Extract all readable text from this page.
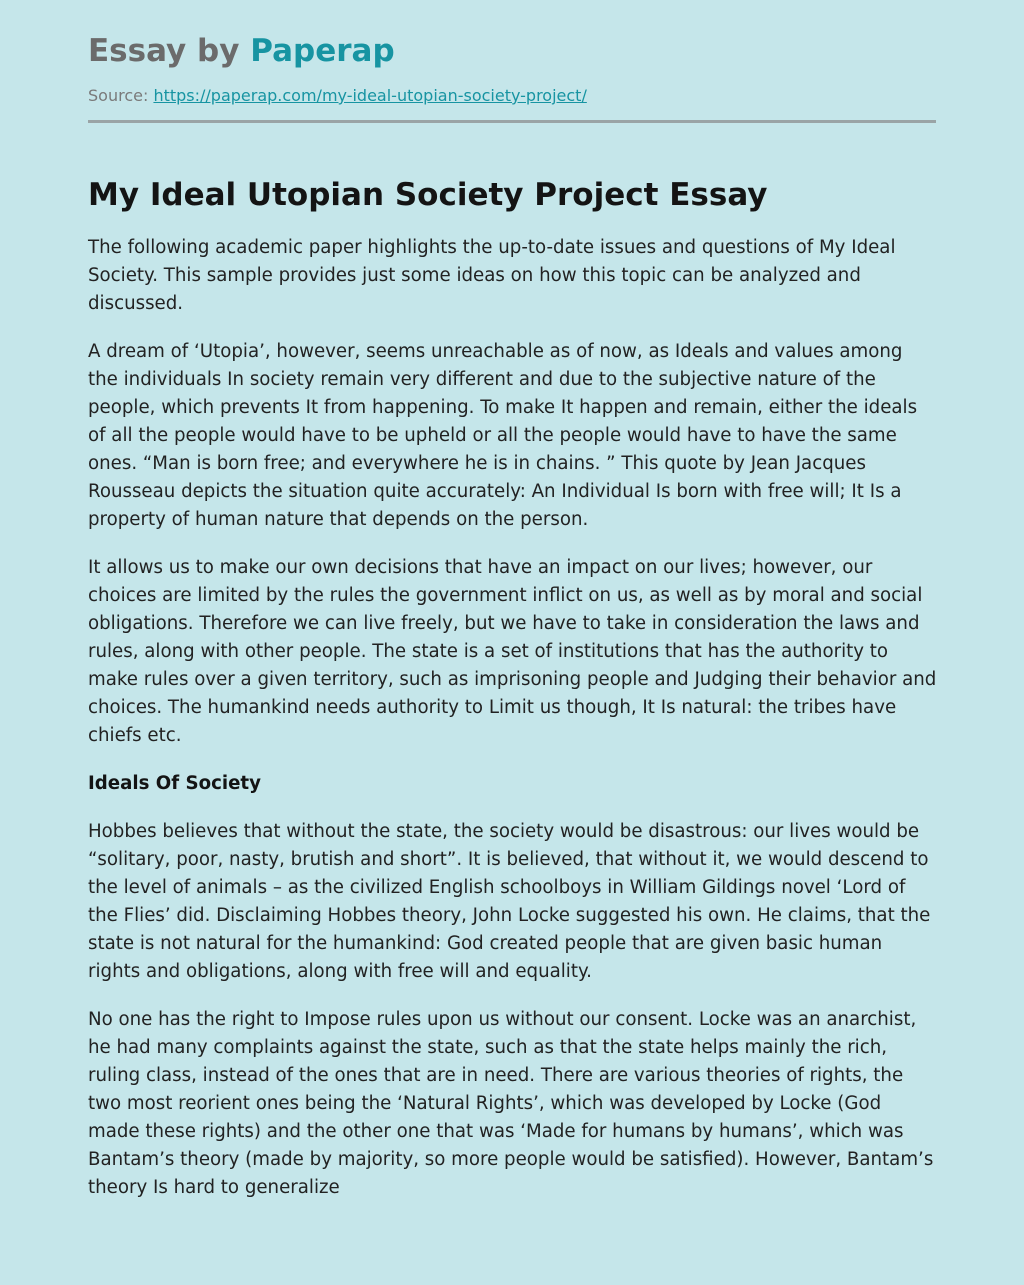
Essay by Paperap
Source: https://paperap.com/my-ideal-utopian-society-project/
My Ideal Utopian Society Project Essay

The following academic paper highlights the up-to-date issues and questions of My Ideal Society. This sample provides just some ideas on how this topic can be analyzed and discussed.

A dream of ‘Utopia’, however, seems unreachable as of now, as Ideals and values among the individuals In society remain very different and due to the subjective nature of the people, which prevents It from happening. To make It happen and remain, either the ideals of all the people would have to be upheld or all the people would have to have the same ones. “Man is born free; and everywhere he is in chains. ” This quote by Jean Jacques Rousseau depicts the situation quite accurately: An Individual Is born with free will; It Is a property of human nature that depends on the person.

It allows us to make our own decisions that have an impact on our lives; however, our choices are limited by the rules the government inflict on us, as well as by moral and social obligations. Therefore we can live freely, but we have to take in consideration the laws and rules, along with other people. The state is a set of institutions that has the authority to make rules over a given territory, such as imprisoning people and Judging their behavior and choices. The humankind needs authority to Limit us though, It Is natural: the tribes have chiefs etc.

Ideals Of Society

Hobbes believes that without the state, the society would be disastrous: our lives would be “solitary, poor, nasty, brutish and short”. It is believed, that without it, we would descend to the level of animals – as the civilized English schoolboys in William Gildings novel ‘Lord of the Flies’ did. Disclaiming Hobbes theory, John Locke suggested his own. He claims, that the state is not natural for the humankind: God created people that are given basic human rights and obligations, along with free will and equality.

No one has the right to Impose rules upon us without our consent. Locke was an anarchist, he had many complaints against the state, such as that the state helps mainly the rich, ruling class, instead of the ones that are in need. There are various theories of rights, the two most reorient ones being the ‘Natural Rights’, which was developed by Locke (God made these rights) and the other one that was ‘Made for humans by humans’, which was Bantam’s theory (made by majority, so more people would be satisfied). However, Bantam’s theory Is hard to generalize
